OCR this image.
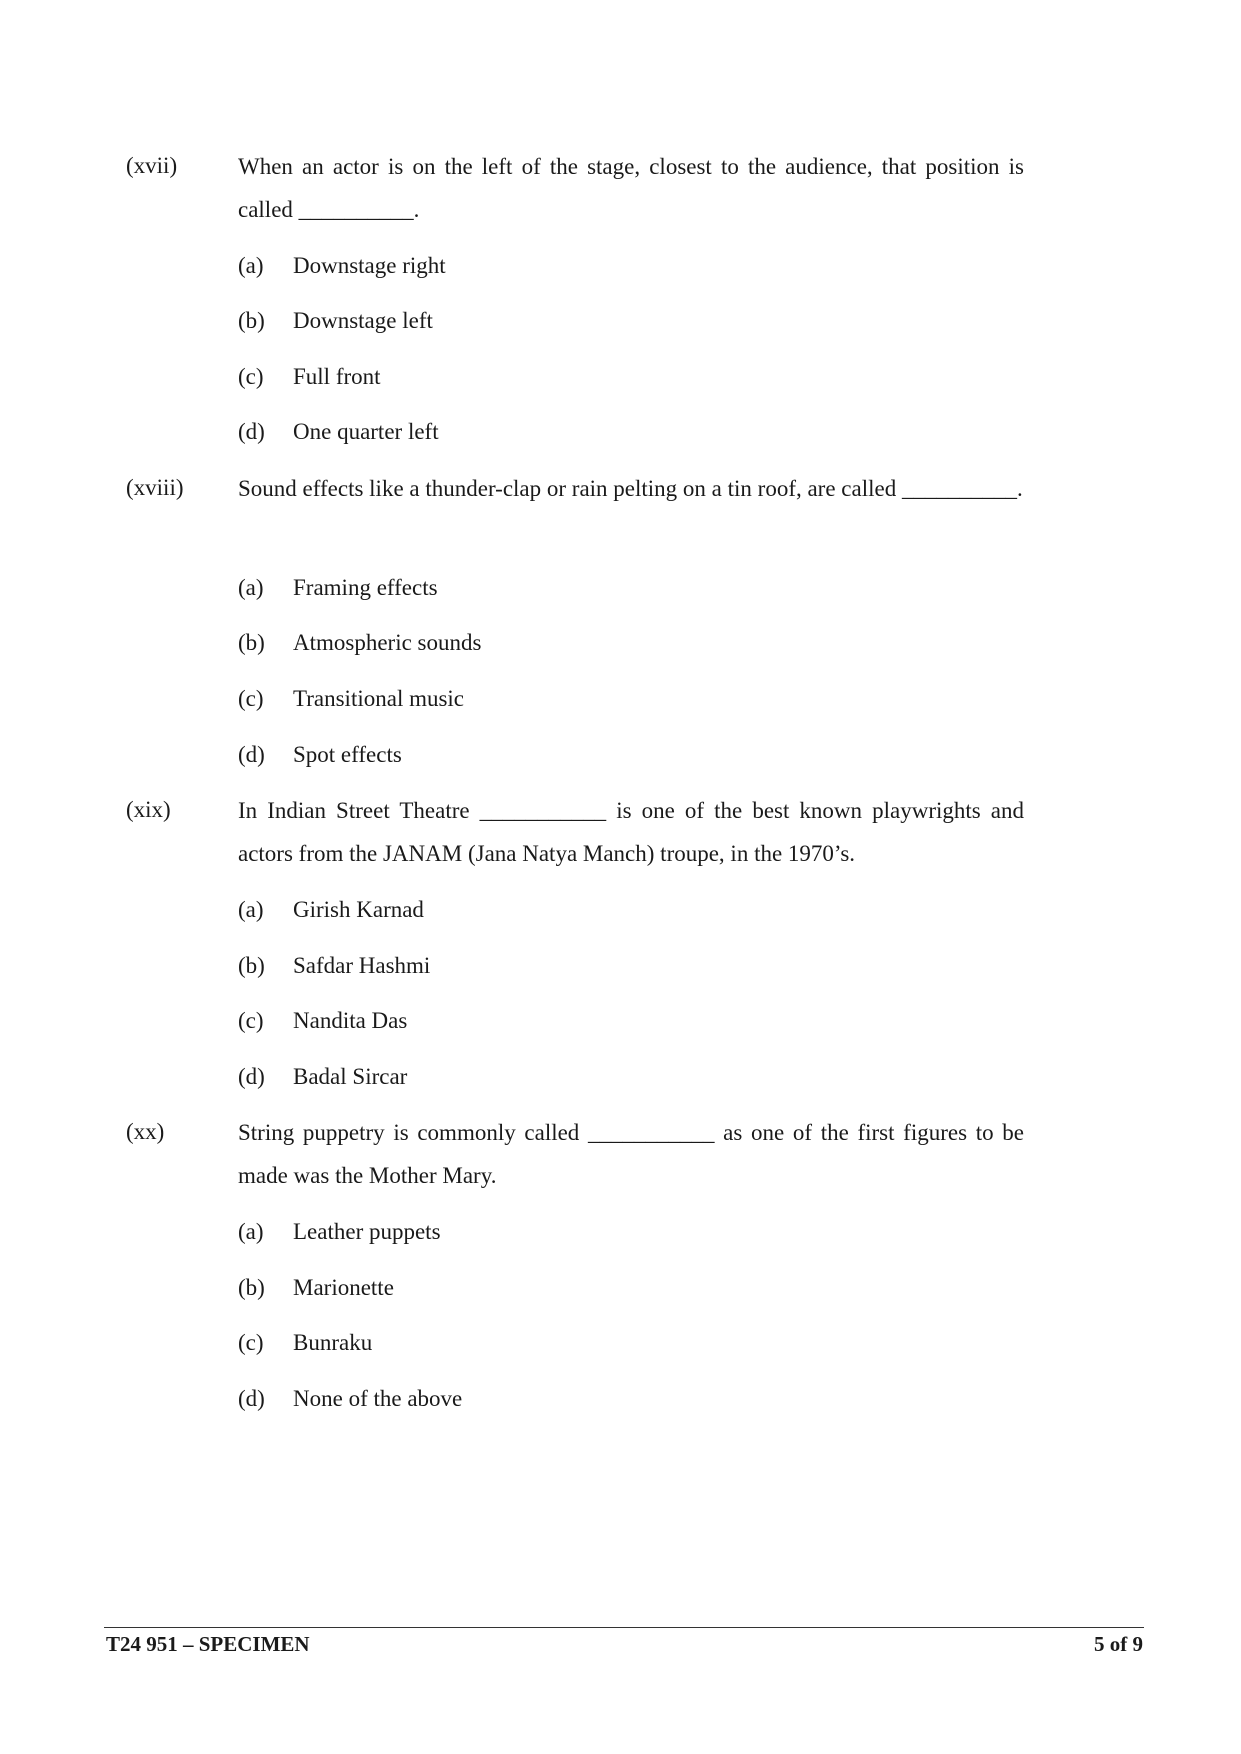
(xvii)	When an actor is on the left of the stage, closest to the audience, that position is called __________.
(a) Downstage right
(b) Downstage left
(c) Full front
(d) One quarter left
(xviii) Sound effects like a thunder-clap or rain pelting on a tin roof, are called __________.
(a) Framing effects
(b) Atmospheric sounds
(c) Transitional music
(d) Spot effects
(xix)	In Indian Street Theatre ___________ is one of the best known playwrights and actors from the JANAM (Jana Natya Manch) troupe, in the 1970’s.
(a) Girish Karnad
(b) Safdar Hashmi
(c) Nandita Das
(d) Badal Sircar
(xx)	String puppetry is commonly called ___________ as one of the first figures to be made was the Mother Mary.
(a) Leather puppets
(b) Marionette
(c) Bunraku
(d) None of the above
T24 951 – SPECIMEN	5 of 9
